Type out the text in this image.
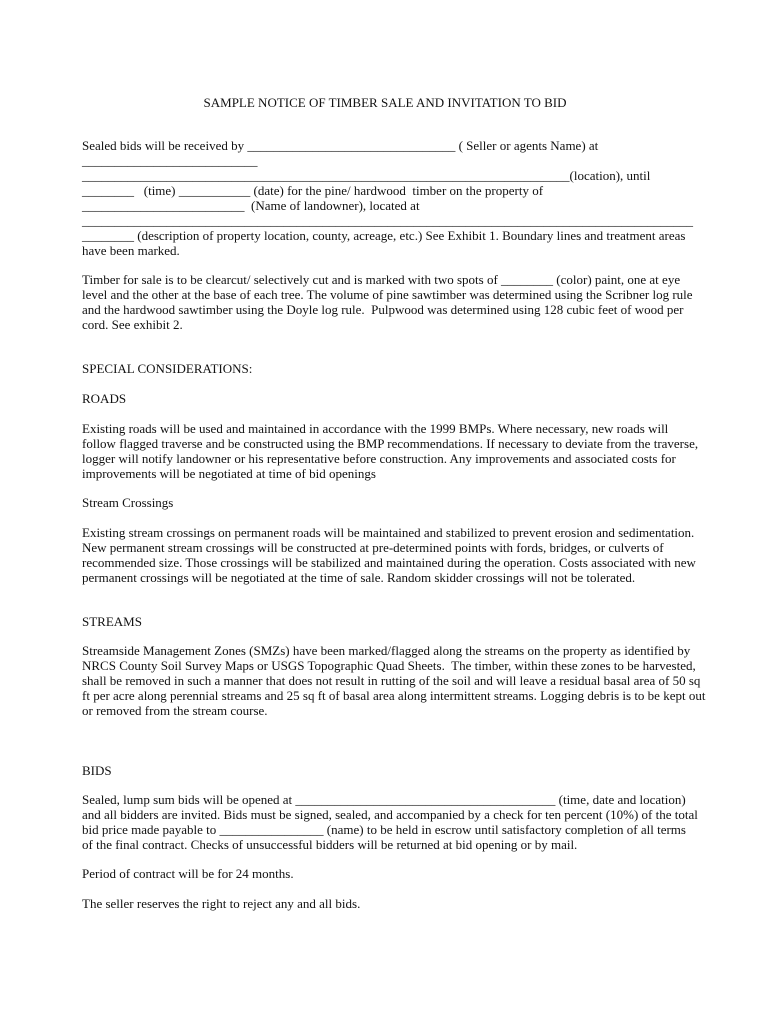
SAMPLE NOTICE OF TIMBER SALE AND INVITATION TO BID
Sealed bids will be received by ________________________________ ( Seller or agents Name) at
___________________________
___________________________________________________________________________(location), until
________   (time) ___________ (date) for the pine/ hardwood  timber on the property of
_________________________  (Name of landowner), located at
______________________________________________________________________________________________
________ (description of property location, county, acreage, etc.) See Exhibit 1. Boundary lines and treatment areas
have been marked.
Timber for sale is to be clearcut/ selectively cut and is marked with two spots of ________ (color) paint, one at eye
level and the other at the base of each tree. The volume of pine sawtimber was determined using the Scribner log rule
and the hardwood sawtimber using the Doyle log rule.  Pulpwood was determined using 128 cubic feet of wood per
cord. See exhibit 2.
SPECIAL CONSIDERATIONS:
ROADS
Existing roads will be used and maintained in accordance with the 1999 BMPs. Where necessary, new roads will
follow flagged traverse and be constructed using the BMP recommendations. If necessary to deviate from the traverse,
logger will notify landowner or his representative before construction. Any improvements and associated costs for
improvements will be negotiated at time of bid openings
Stream Crossings
Existing stream crossings on permanent roads will be maintained and stabilized to prevent erosion and sedimentation.
New permanent stream crossings will be constructed at pre-determined points with fords, bridges, or culverts of
recommended size. Those crossings will be stabilized and maintained during the operation. Costs associated with new
permanent crossings will be negotiated at the time of sale. Random skidder crossings will not be tolerated.
STREAMS
Streamside Management Zones (SMZs) have been marked/flagged along the streams on the property as identified by
NRCS County Soil Survey Maps or USGS Topographic Quad Sheets.  The timber, within these zones to be harvested,
shall be removed in such a manner that does not result in rutting of the soil and will leave a residual basal area of 50 sq
ft per acre along perennial streams and 25 sq ft of basal area along intermittent streams. Logging debris is to be kept out
or removed from the stream course.
BIDS
Sealed, lump sum bids will be opened at ________________________________________ (time, date and location)
and all bidders are invited. Bids must be signed, sealed, and accompanied by a check for ten percent (10%) of the total
bid price made payable to ________________ (name) to be held in escrow until satisfactory completion of all terms
of the final contract. Checks of unsuccessful bidders will be returned at bid opening or by mail.
Period of contract will be for 24 months.
The seller reserves the right to reject any and all bids.
